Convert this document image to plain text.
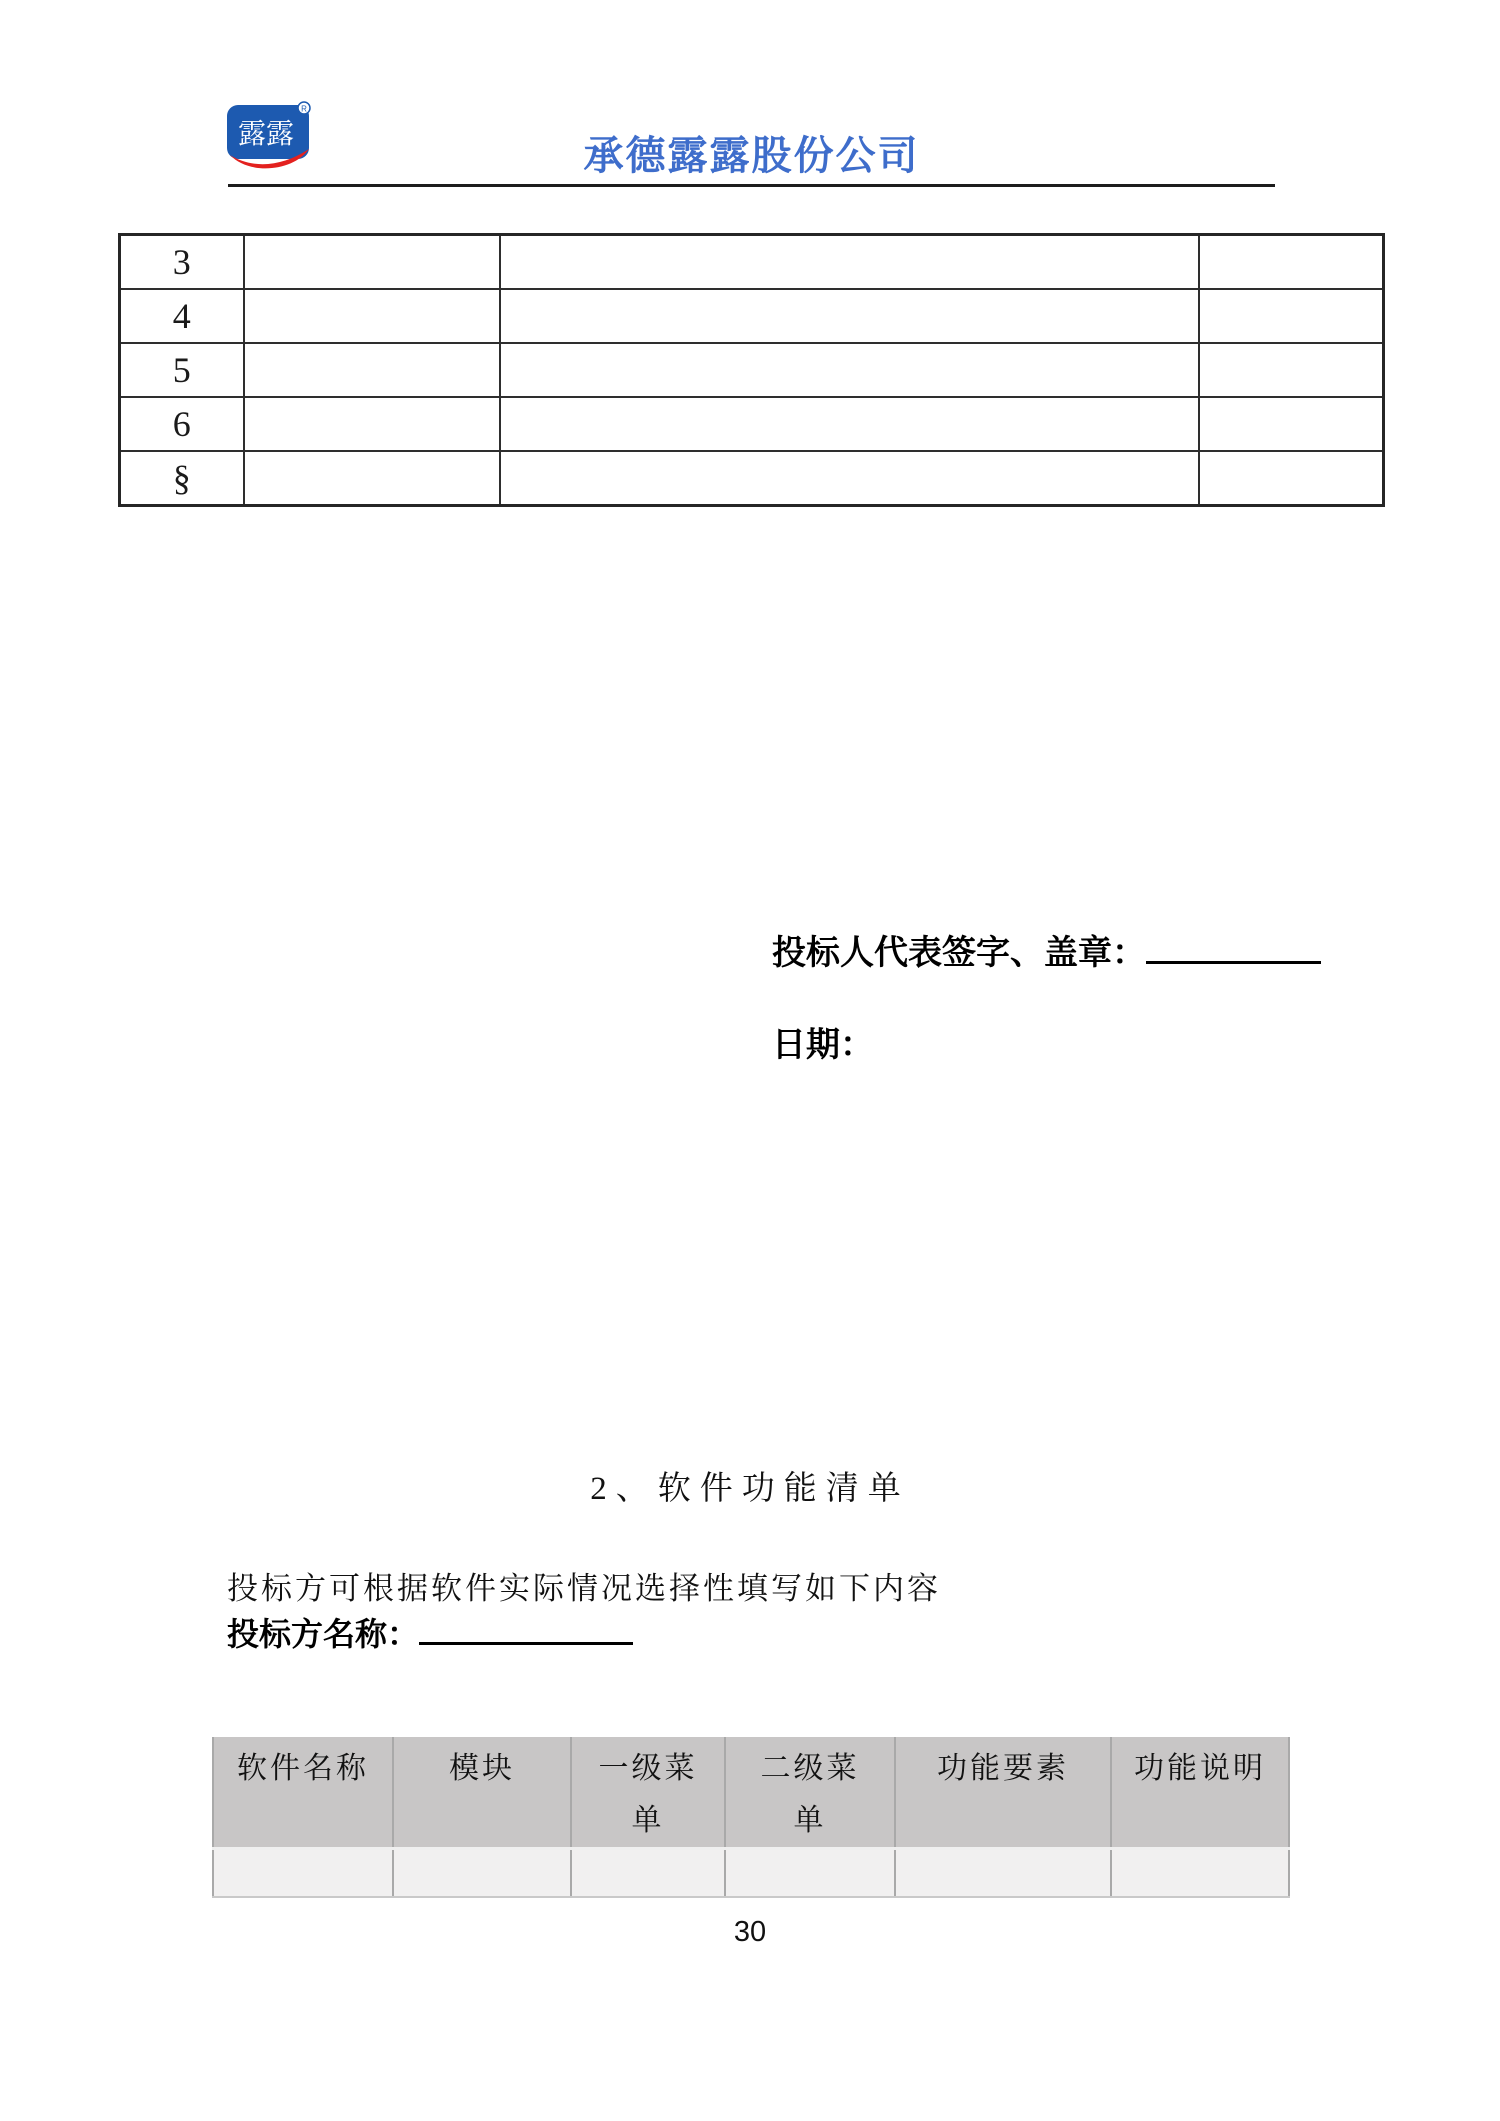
露露
R
承德露露股份公司
3			
4			
5			
6			
§			
投标人代表签字、盖章：
日期：
2、软件功能清单
投标方可根据软件实际情况选择性填写如下内容
投标方名称：
软件名称	模块	一级菜单	二级菜单	功能要素	功能说明

30
